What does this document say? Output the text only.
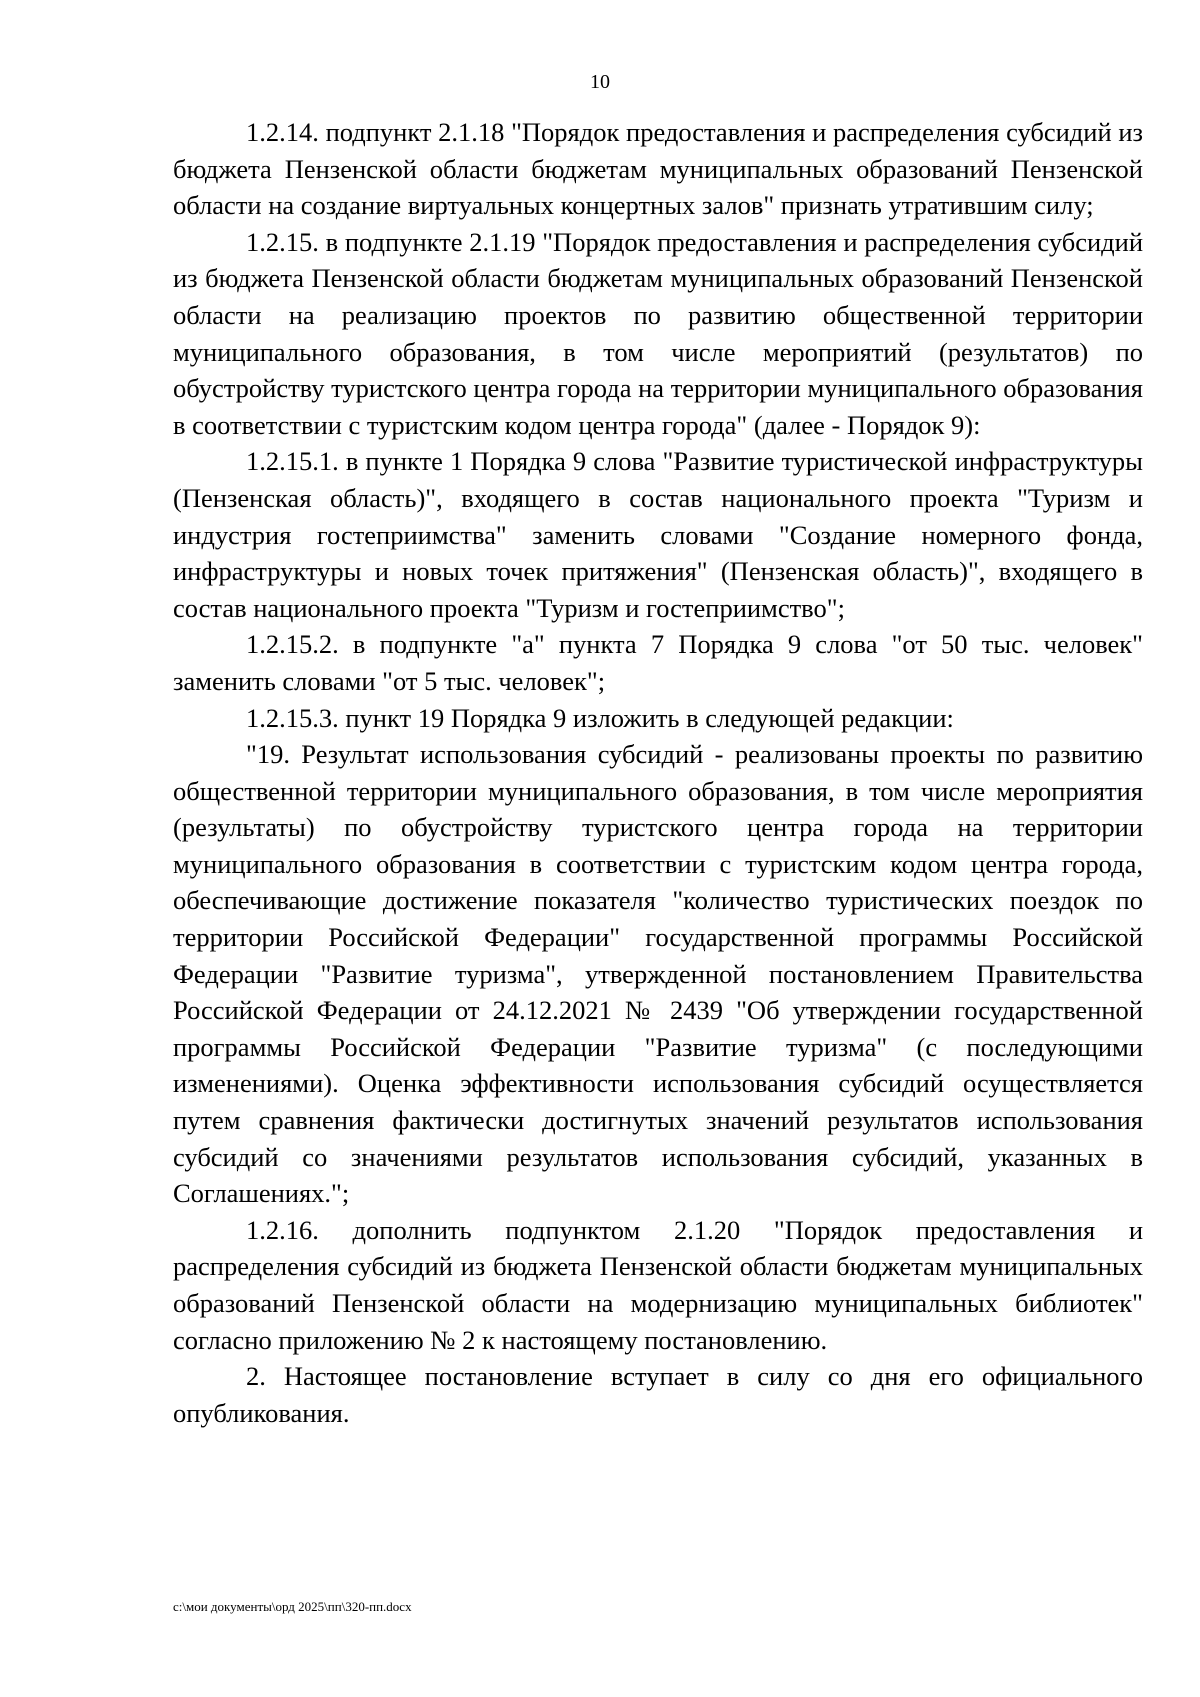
10

1.2.14. подпункт 2.1.18 "Порядок предоставления и распределения субсидий из бюджета Пензенской области бюджетам муниципальных образований Пензенской области на создание виртуальных концертных залов" признать утратившим силу;

1.2.15. в подпункте 2.1.19 "Порядок предоставления и распределения субсидий из бюджета Пензенской области бюджетам муниципальных образований Пензенской области на реализацию проектов по развитию общественной территории муниципального образования, в том числе мероприятий (результатов) по обустройству туристского центра города на территории муниципального образования в соответствии с туристским кодом центра города" (далее - Порядок 9):

1.2.15.1. в пункте 1 Порядка 9 слова "Развитие туристической инфраструктуры (Пензенская область)", входящего в состав национального проекта "Туризм и индустрия гостеприимства" заменить словами "Создание номерного фонда, инфраструктуры и новых точек притяжения" (Пензенская область)", входящего в состав национального проекта "Туризм и гостеприимство";

1.2.15.2. в подпункте "а" пункта 7 Порядка 9 слова "от 50 тыс. человек" заменить словами "от 5 тыс. человек";

1.2.15.3. пункт 19 Порядка 9 изложить в следующей редакции:

"19. Результат использования субсидий - реализованы проекты по развитию общественной территории муниципального образования, в том числе мероприятия (результаты) по обустройству туристского центра города на территории муниципального образования в соответствии с туристским кодом центра города, обеспечивающие достижение показателя "количество туристических поездок по территории Российской Федерации" государственной программы Российской Федерации "Развитие туризма", утвержденной постановлением Правительства Российской Федерации от 24.12.2021 № 2439 "Об утверждении государственной программы Российской Федерации "Развитие туризма" (с последующими изменениями). Оценка эффективности использования субсидий осуществляется путем сравнения фактически достигнутых значений результатов использования субсидий со значениями результатов использования субсидий, указанных в Соглашениях.";

1.2.16. дополнить подпунктом 2.1.20 "Порядок предоставления и распределения субсидий из бюджета Пензенской области бюджетам муниципальных образований Пензенской области на модернизацию муниципальных библиотек" согласно приложению № 2 к настоящему постановлению.

2. Настоящее постановление вступает в силу со дня его официального опубликования.

c:\мои документы\орд 2025\пп\320-пп.docx
